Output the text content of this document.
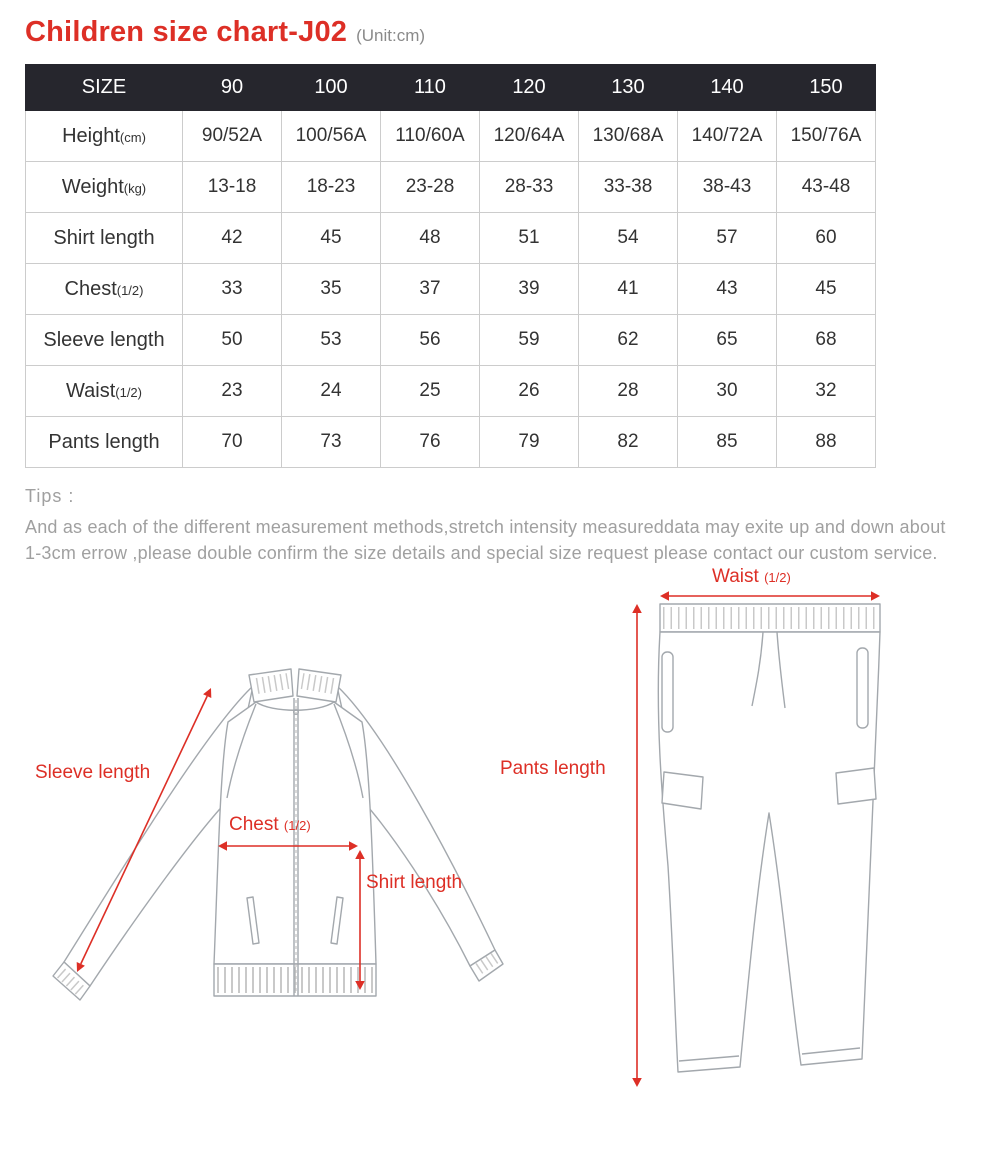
Children size chart-J02 (Unit:cm)
SIZE	90	100	110	120	130	140	150
Height(cm)	90/52A	100/56A	110/60A	120/64A	130/68A	140/72A	150/76A
Weight(kg)	13-18	18-23	23-28	28-33	33-38	38-43	43-48
Shirt length	42	45	48	51	54	57	60
Chest(1/2)	33	35	37	39	41	43	45
Sleeve length	50	53	56	59	62	65	68
Waist(1/2)	23	24	25	26	28	30	32
Pants length	70	73	76	79	82	85	88
Tips :
And as each of the different measurement methods,stretch intensity measureddata may exite up and down about 1-3cm errow ,please double confirm the size details and special size request please contact our custom service.
Waist (1/2)
Pants length
Sleeve length
Chest (1/2)
Shirt length
